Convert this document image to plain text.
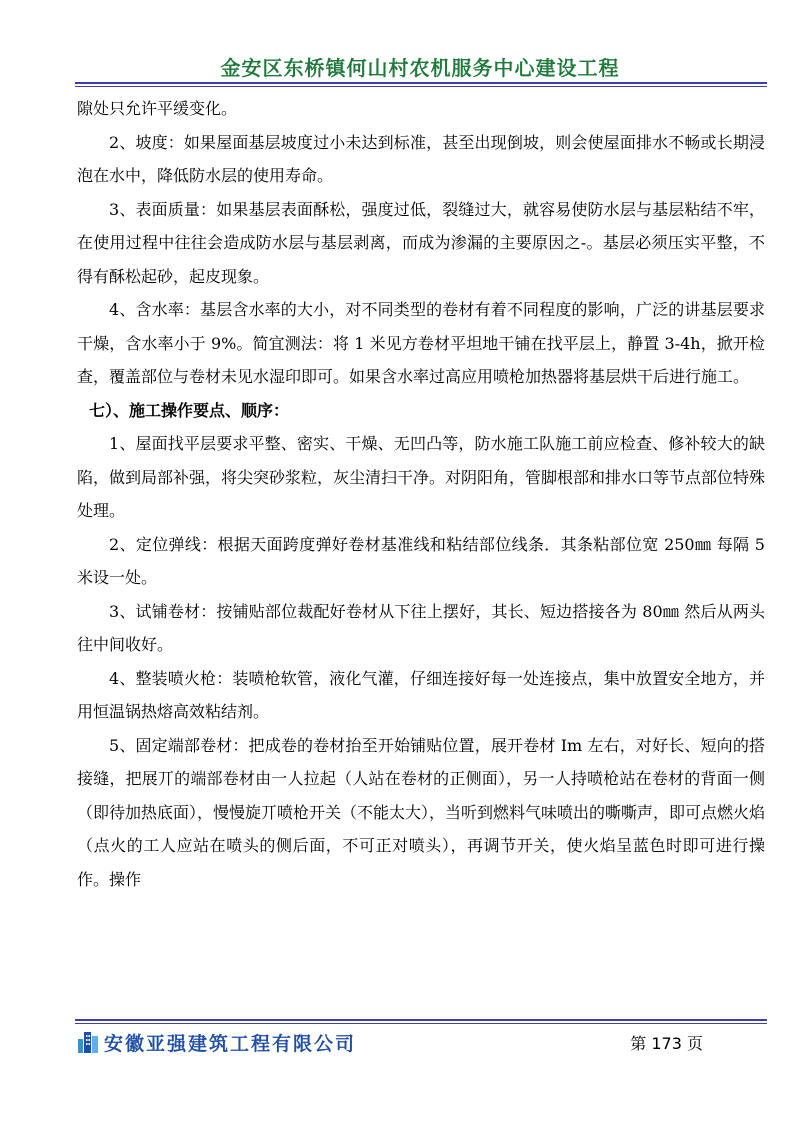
金安区东桥镇何山村农机服务中心建设工程

隙处只允许平缓变化。

2、坡度：如果屋面基层坡度过小未达到标准，甚至出现倒坡，则会使屋面排水不畅或长期浸泡在水中，降低防水层的使用寿命。

3、表面质量：如果基层表面酥松，强度过低，裂缝过大，就容易使防水层与基层粘结不牢，在使用过程中往往会造成防水层与基层剥离，而成为渗漏的主要原因之-。基层必须压实平整，不得有酥松起砂，起皮现象。

4、含水率：基层含水率的大小，对不同类型的卷材有着不同程度的影响，广泛的讲基层要求干燥，含水率小于 9%。简宜测法：将 1 米见方卷材平坦地干铺在找平层上，静置 3-4h，掀开检查，覆盖部位与卷材未见水湿印即可。如果含水率过高应用喷枪加热器将基层烘干后进行施工。

七）、施工操作要点、顺序：

1、屋面找平层要求平整、密实、干燥、无凹凸等，防水施工队施工前应检查、修补较大的缺陷，做到局部补强，将尖突砂浆粒，灰尘清扫干净。对阴阳角，管脚根部和排水口等节点部位特殊处理。

2、定位弹线：根据天面跨度弹好卷材基准线和粘结部位线条．其条粘部位宽 250㎜ 每隔 5 米设一处。

3、试铺卷材：按铺贴部位裁配好卷材从下往上摆好，其长、短边搭接各为 80㎜ 然后从两头往中间收好。

4、整装喷火枪：装喷枪软管，液化气灌，仔细连接好每一处连接点，集中放置安全地方，并用恒温锅热熔高效粘结剂。

5、固定端部卷材：把成卷的卷材抬至开始铺贴位置，展开卷材 Im 左右，对好长、短向的搭接缝，把展丌的端部卷材由一人拉起（人站在卷材的正侧面），另一人持喷枪站在卷材的背面一侧（即待加热底面），慢慢旋丌喷枪开关（不能太大），当听到燃料气味喷出的嘶嘶声，即可点燃火焰（点火的工人应站在喷头的侧后面，不可正对喷头），再调节开关，使火焰呈蓝色时即可进行操作。操作

安徽亚强建筑工程有限公司	第 173 页
